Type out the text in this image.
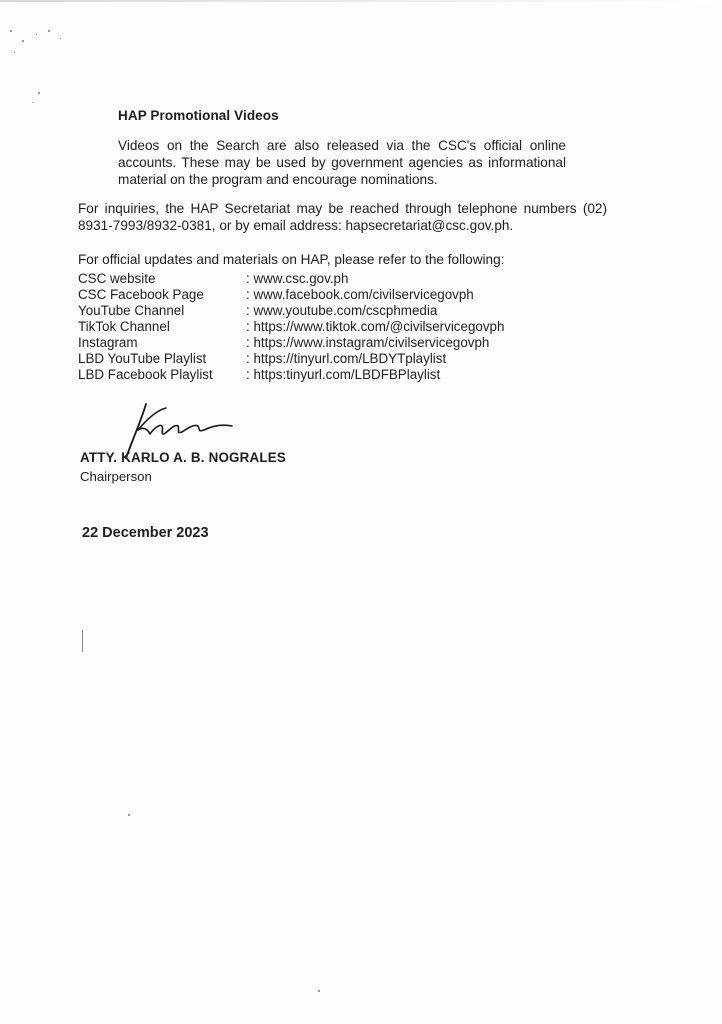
HAP Promotional Videos
Videos on the Search are also released via the CSC's official online accounts. These may be used by government agencies as informational material on the program and encourage nominations.
For inquiries, the HAP Secretariat may be reached through telephone numbers (02) 8931-7993/8932-0381, or by email address: hapsecretariat@csc.gov.ph.
For official updates and materials on HAP, please refer to the following:
CSC website	: www.csc.gov.ph
CSC Facebook Page	: www.facebook.com/civilservicegovph
YouTube Channel	: www.youtube.com/cscphmedia
TikTok Channel	: https://www.tiktok.com/@civilservicegovph
Instagram	: https://www.instagram/civilservicegovph
LBD YouTube Playlist	: https://tinyurl.com/LBDYTplaylist
LBD Facebook Playlist : https:tinyurl.com/LBDFBPlaylist
ATTY. KARLO A. B. NOGRALES
Chairperson
22 December 2023
